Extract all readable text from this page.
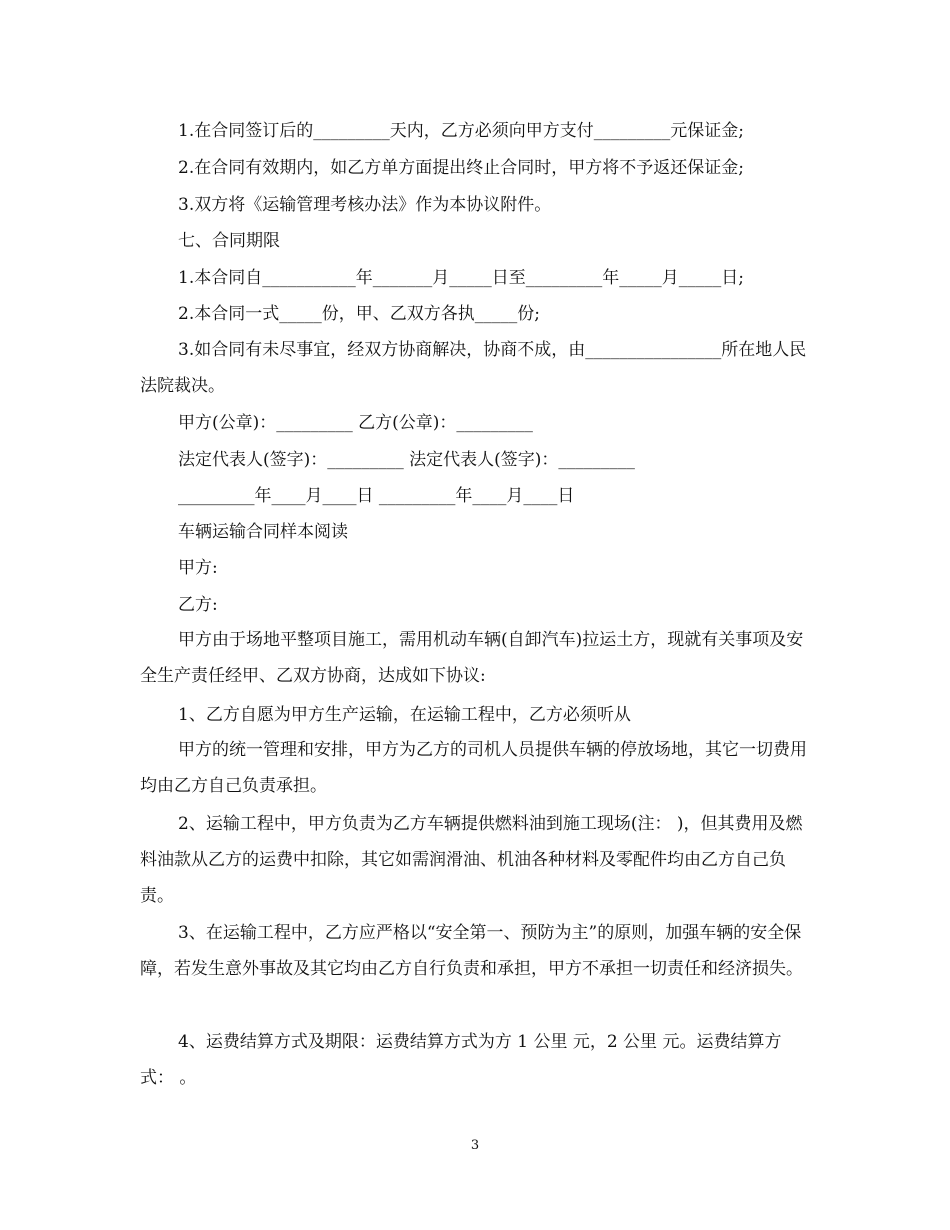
1.在合同签订后的_________天内，乙方必须向甲方支付_________元保证金;
2.在合同有效期内，如乙方单方面提出终止合同时，甲方将不予返还保证金;
3.双方将《运输管理考核办法》作为本协议附件。
七、合同期限
1.本合同自___________年_______月_____日至_________年_____月_____日;
2.本合同一式_____份，甲、乙双方各执_____份;
3.如合同有未尽事宜，经双方协商解决，协商不成，由________________所在地人民法院裁决。
甲方(公章)：_________ 乙方(公章)：_________
法定代表人(签字)：_________ 法定代表人(签字)：_________
_________年____月____日 _________年____月____日
车辆运输合同样本阅读
甲方:
乙方:
甲方由于场地平整项目施工，需用机动车辆(自卸汽车)拉运土方，现就有关事项及安全生产责任经甲、乙双方协商，达成如下协议:
1、乙方自愿为甲方生产运输，在运输工程中，乙方必须听从
甲方的统一管理和安排，甲方为乙方的司机人员提供车辆的停放场地，其它一切费用均由乙方自己负责承担。
2、运输工程中，甲方负责为乙方车辆提供燃料油到施工现场(注： )，但其费用及燃料油款从乙方的运费中扣除，其它如需润滑油、机油各种材料及零配件均由乙方自己负责。
3、在运输工程中，乙方应严格以“安全第一、预防为主”的原则，加强车辆的安全保障，若发生意外事故及其它均由乙方自行负责和承担，甲方不承担一切责任和经济损失。
4、运费结算方式及期限：运费结算方式为方 1 公里 元，2 公里 元。运费结算方式： 。
3
